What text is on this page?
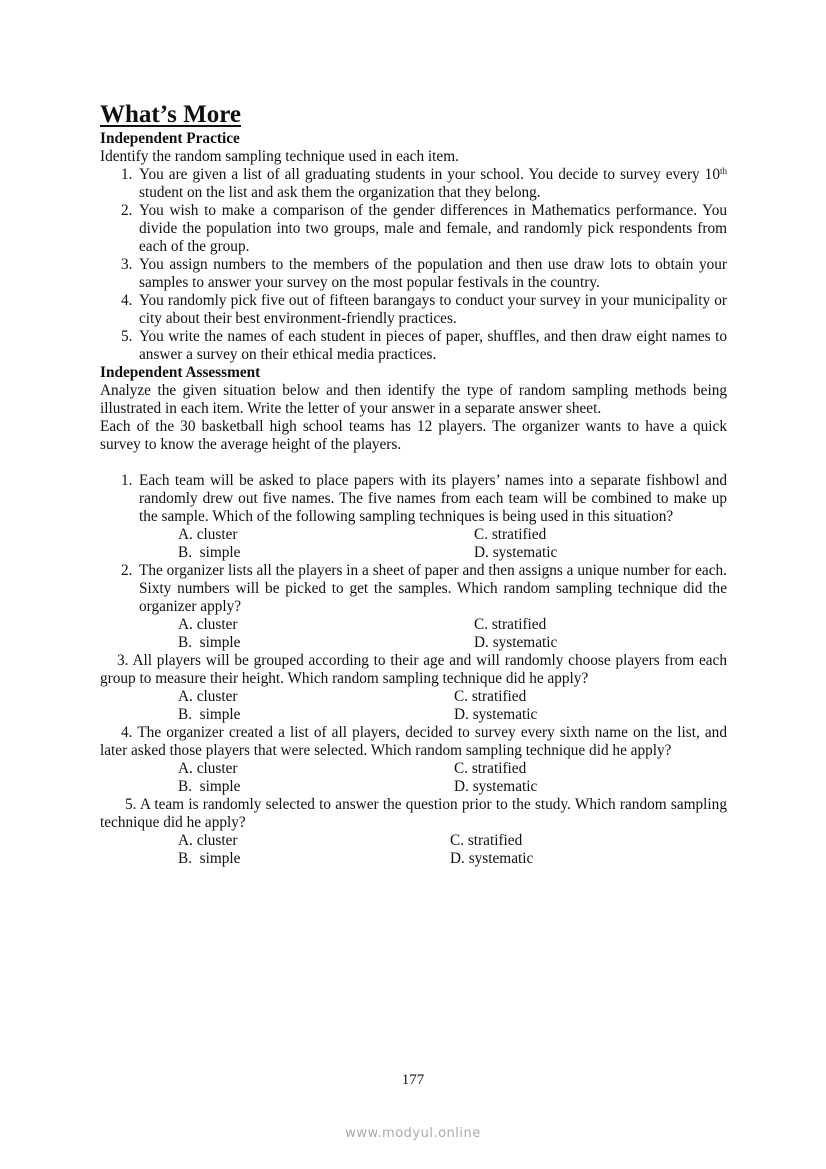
What’s More
Independent Practice
Identify the random sampling technique used in each item.
1. You are given a list of all graduating students in your school. You decide to survey every 10th student on the list and ask them the organization that they belong.
2. You wish to make a comparison of the gender differences in Mathematics performance. You divide the population into two groups, male and female, and randomly pick respondents from each of the group.
3. You assign numbers to the members of the population and then use draw lots to obtain your samples to answer your survey on the most popular festivals in the country.
4. You randomly pick five out of fifteen barangays to conduct your survey in your municipality or city about their best environment-friendly practices.
5. You write the names of each student in pieces of paper, shuffles, and then draw eight names to answer a survey on their ethical media practices.
Independent Assessment
Analyze the given situation below and then identify the type of random sampling methods being illustrated in each item. Write the letter of your answer in a separate answer sheet.
Each of the 30 basketball high school teams has 12 players. The organizer wants to have a quick survey to know the average height of the players.
1. Each team will be asked to place papers with its players’ names into a separate fishbowl and randomly drew out five names. The five names from each team will be combined to make up the sample. Which of the following sampling techniques is being used in this situation?
A. cluster	C. stratified
B.  simple	D. systematic
2. The organizer lists all the players in a sheet of paper and then assigns a unique number for each. Sixty numbers will be picked to get the samples. Which random sampling technique did the organizer apply?
A. cluster	C. stratified
B.  simple	D. systematic
3. All players will be grouped according to their age and will randomly choose players from each group to measure their height. Which random sampling technique did he apply?
A. cluster	C. stratified
B.  simple	D. systematic
4. The organizer created a list of all players, decided to survey every sixth name on the list, and later asked those players that were selected. Which random sampling technique did he apply?
A. cluster	C. stratified
B.  simple	D. systematic
5. A team is randomly selected to answer the question prior to the study. Which random sampling technique did he apply?
A. cluster	C. stratified
B.  simple	D. systematic
177
www.modyul.online
